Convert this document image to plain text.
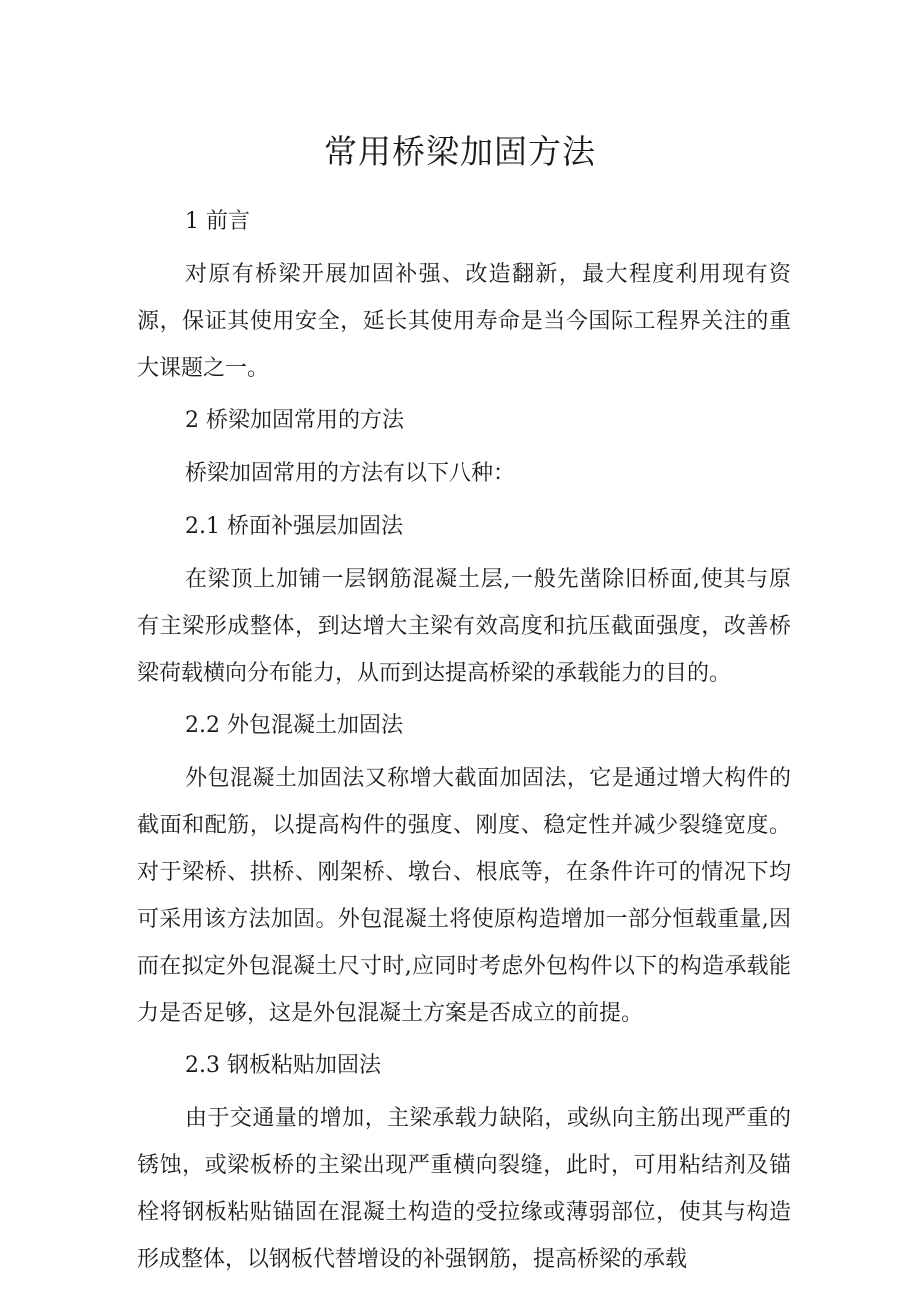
常用桥梁加固方法

1 前言

对原有桥梁开展加固补强、改造翻新，最大程度利用现有资源，保证其使用安全，延长其使用寿命是当今国际工程界关注的重大课题之一。

2 桥梁加固常用的方法

桥梁加固常用的方法有以下八种：

2.1 桥面补强层加固法

在梁顶上加铺一层钢筋混凝土层,一般先凿除旧桥面,使其与原有主梁形成整体，到达增大主梁有效高度和抗压截面强度，改善桥梁荷载横向分布能力，从而到达提高桥梁的承载能力的目的。

2.2 外包混凝土加固法

外包混凝土加固法又称增大截面加固法，它是通过增大构件的截面和配筋，以提高构件的强度、刚度、稳定性并减少裂缝宽度。对于梁桥、拱桥、刚架桥、墩台、根底等，在条件许可的情况下均可采用该方法加固。外包混凝土将使原构造增加一部分恒载重量,因而在拟定外包混凝土尺寸时,应同时考虑外包构件以下的构造承载能力是否足够，这是外包混凝土方案是否成立的前提。

2.3 钢板粘贴加固法

由于交通量的增加，主梁承载力缺陷，或纵向主筋出现严重的锈蚀，或梁板桥的主梁出现严重横向裂缝，此时，可用粘结剂及锚栓将钢板粘贴锚固在混凝土构造的受拉缘或薄弱部位，使其与构造形成整体，以钢板代替增设的补强钢筋，提高桥梁的承载
